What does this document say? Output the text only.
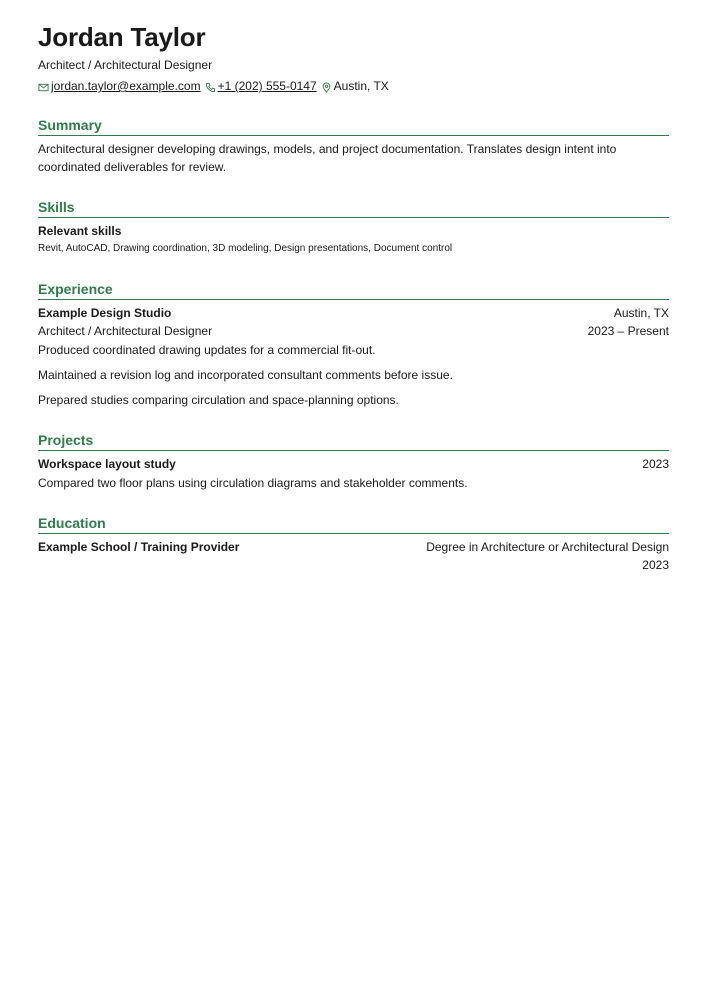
Jordan Taylor
Architect / Architectural Designer
jordan.taylor@example.com +1 (202) 555-0147 Austin, TX
Summary
Architectural designer developing drawings, models, and project documentation. Translates design intent into coordinated deliverables for review.
Skills
Relevant skills
Revit, AutoCAD, Drawing coordination, 3D modeling, Design presentations, Document control
Experience
Example Design Studio	Austin, TX
Architect / Architectural Designer	2023 – Present
Produced coordinated drawing updates for a commercial fit-out.
Maintained a revision log and incorporated consultant comments before issue.
Prepared studies comparing circulation and space-planning options.
Projects
Workspace layout study	2023
Compared two floor plans using circulation diagrams and stakeholder comments.
Education
Example School / Training Provider	Degree in Architecture or Architectural Design
2023
